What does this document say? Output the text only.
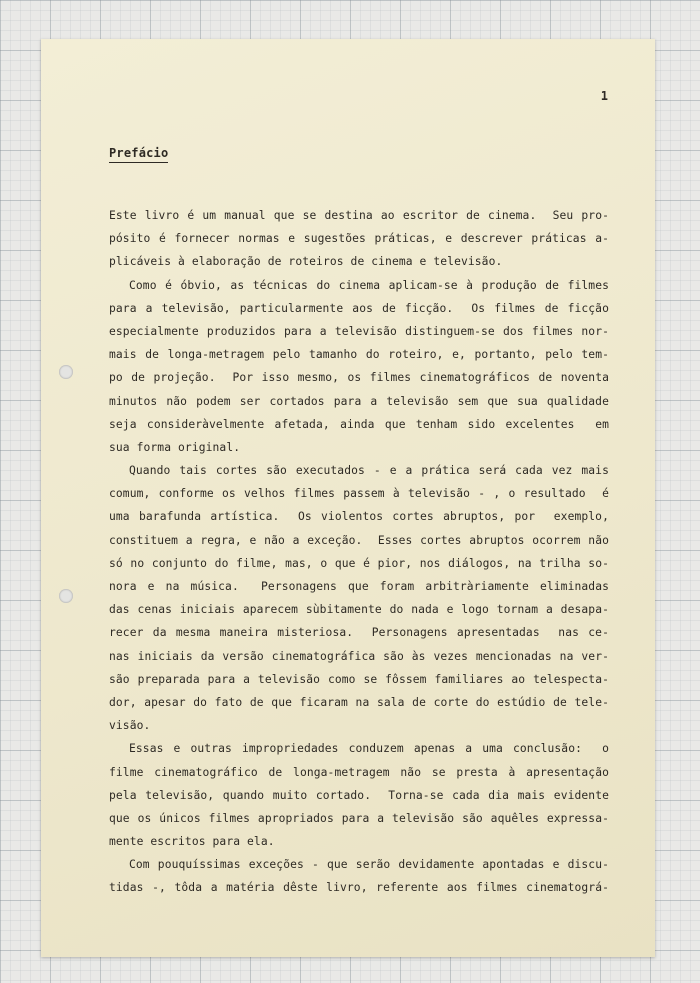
1
Prefácio
Este livro é um manual que se destina ao escritor de cinema.  Seu pro-
pósito é fornecer normas e sugestões práticas, e descrever práticas a-
plicáveis à elaboração de roteiros de cinema e televisão.
Como é óbvio, as técnicas do cinema aplicam-se à produção de filmes
para a televisão, particularmente aos de ficção.  Os filmes de ficção
especialmente produzidos para a televisão distinguem-se dos filmes nor-
mais de longa-metragem pelo tamanho do roteiro, e, portanto, pelo tem-
po de projeção.  Por isso mesmo, os filmes cinematográficos de noventa
minutos não podem ser cortados para a televisão sem que sua qualidade
seja consideràvelmente afetada, ainda que tenham sido excelentes  em
sua forma original.
Quando tais cortes são executados - e a prática será cada vez mais
comum, conforme os velhos filmes passem à televisão - , o resultado  é
uma barafunda artística.  Os violentos cortes abruptos, por  exemplo,
constituem a regra, e não a exceção.  Esses cortes abruptos ocorrem não
só no conjunto do filme, mas, o que é pior, nos diálogos, na trilha so-
nora e na música.  Personagens que foram arbitràriamente eliminadas
das cenas iniciais aparecem sùbitamente do nada e logo tornam a desapa-
recer da mesma maneira misteriosa.  Personagens apresentadas  nas ce-
nas iniciais da versão cinematográfica são às vezes mencionadas na ver-
são preparada para a televisão como se fôssem familiares ao telespecta-
dor, apesar do fato de que ficaram na sala de corte do estúdio de tele-
visão.
Essas e outras impropriedades conduzem apenas a uma conclusão:  o
filme cinematográfico de longa-metragem não se presta à apresentação
pela televisão, quando muito cortado.  Torna-se cada dia mais evidente
que os únicos filmes apropriados para a televisão são aquêles expressa-
mente escritos para ela.
Com pouquíssimas exceções - que serão devidamente apontadas e discu-
tidas -, tôda a matéria dêste livro, referente aos filmes cinematográ-
